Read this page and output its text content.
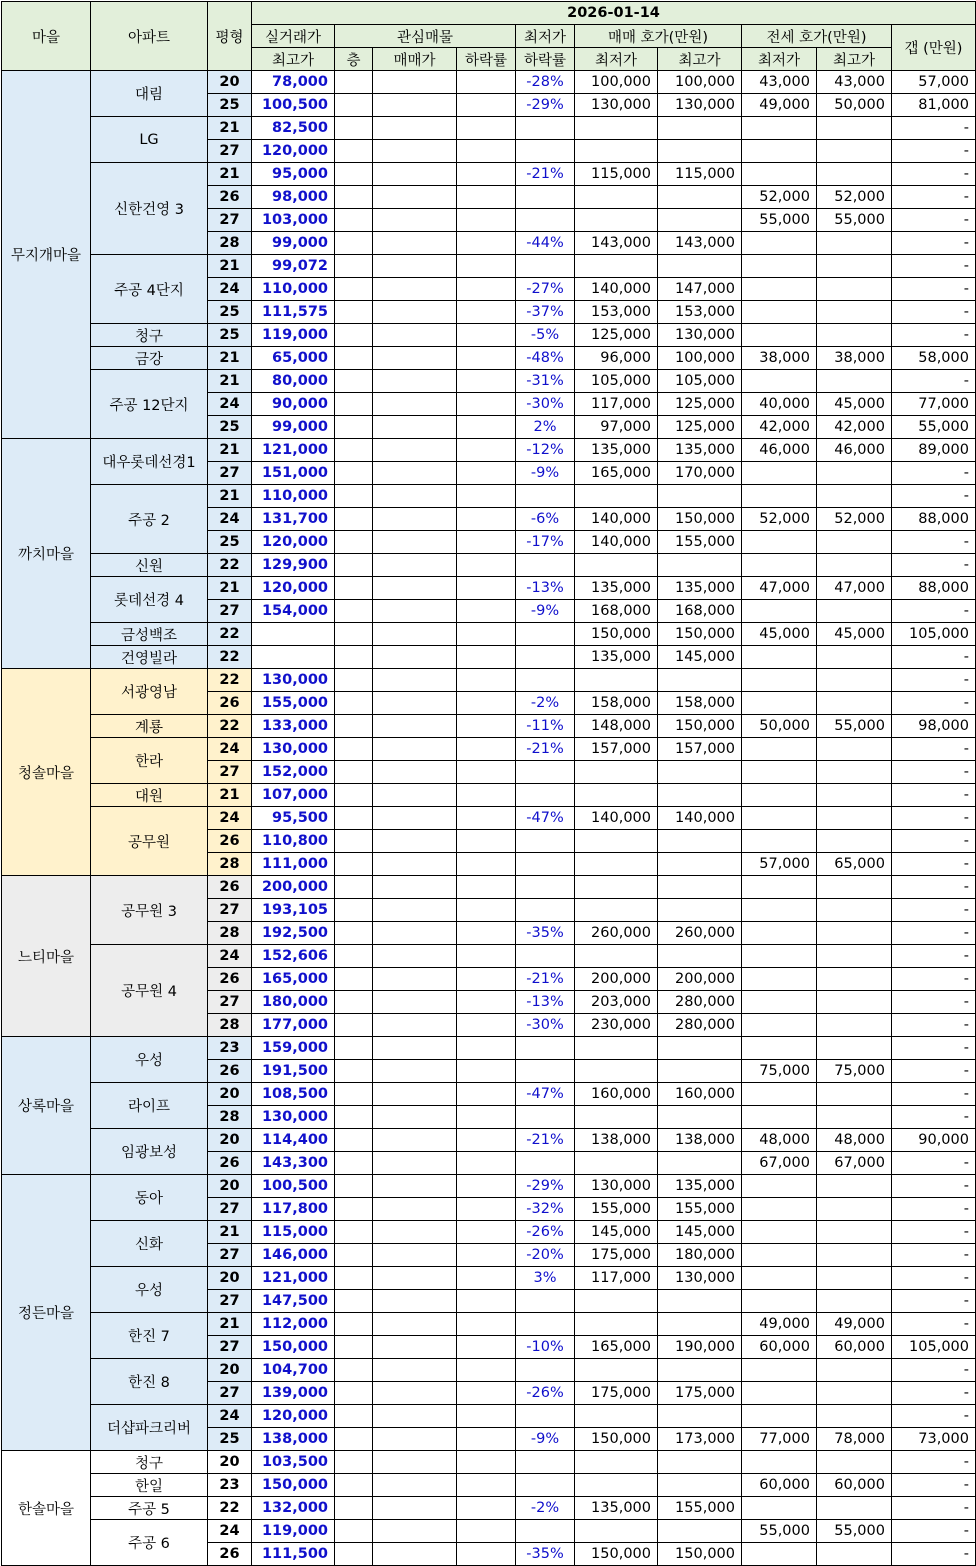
마을	아파트	평형	2026-01-14									
			실거래가	관심매물			최저가	매매 호가(만원)		전세 호가(만원)		갭 (만원)
			최고가	층	매매가	하락률	하락률	최저가	최고가	최저가	최고가	
무지개마을	대림	20	78,000				-28%	100,000	100,000	43,000	43,000	57,000
		25	100,500				-29%	130,000	130,000	49,000	50,000	81,000
	LG	21	82,500									-
		27	120,000									-
	신한건영 3	21	95,000				-21%	115,000	115,000			-
		26	98,000							52,000	52,000	-
		27	103,000							55,000	55,000	-
		28	99,000				-44%	143,000	143,000			-
	주공 4단지	21	99,072									-
		24	110,000				-27%	140,000	147,000			-
		25	111,575				-37%	153,000	153,000			-
	청구	25	119,000				-5%	125,000	130,000			-
	금강	21	65,000				-48%	96,000	100,000	38,000	38,000	58,000
	주공 12단지	21	80,000				-31%	105,000	105,000			-
		24	90,000				-30%	117,000	125,000	40,000	45,000	77,000
		25	99,000				2%	97,000	125,000	42,000	42,000	55,000
까치마을	대우롯데선경1	21	121,000				-12%	135,000	135,000	46,000	46,000	89,000
		27	151,000				-9%	165,000	170,000			-
	주공 2	21	110,000									-
		24	131,700				-6%	140,000	150,000	52,000	52,000	88,000
		25	120,000				-17%	140,000	155,000			-
	신원	22	129,900									-
	롯데선경 4	21	120,000				-13%	135,000	135,000	47,000	47,000	88,000
		27	154,000				-9%	168,000	168,000			-
	금성백조	22						150,000	150,000	45,000	45,000	105,000
	건영빌라	22						135,000	145,000			-
청솔마을	서광영남	22	130,000									-
		26	155,000				-2%	158,000	158,000			-
	계룡	22	133,000				-11%	148,000	150,000	50,000	55,000	98,000
	한라	24	130,000				-21%	157,000	157,000			-
		27	152,000									-
	대원	21	107,000									-
	공무원	24	95,500				-47%	140,000	140,000			-
		26	110,800									-
		28	111,000							57,000	65,000	-
느티마을	공무원 3	26	200,000									-
		27	193,105									-
		28	192,500				-35%	260,000	260,000			-
	공무원 4	24	152,606									-
		26	165,000				-21%	200,000	200,000			-
		27	180,000				-13%	203,000	280,000			-
		28	177,000				-30%	230,000	280,000			-
상록마을	우성	23	159,000									-
		26	191,500							75,000	75,000	-
	라이프	20	108,500				-47%	160,000	160,000			-
		28	130,000									-
	임광보성	20	114,400				-21%	138,000	138,000	48,000	48,000	90,000
		26	143,300							67,000	67,000	-
정든마을	동아	20	100,500				-29%	130,000	135,000			-
		27	117,800				-32%	155,000	155,000			-
	신화	21	115,000				-26%	145,000	145,000			-
		27	146,000				-20%	175,000	180,000			-
	우성	20	121,000				3%	117,000	130,000			-
		27	147,500									-
	한진 7	21	112,000							49,000	49,000	-
		27	150,000				-10%	165,000	190,000	60,000	60,000	105,000
	한진 8	20	104,700									-
		27	139,000				-26%	175,000	175,000			-
	더샵파크리버	24	120,000									-
		25	138,000				-9%	150,000	173,000	77,000	78,000	73,000
한솔마을	청구	20	103,500									-
	한일	23	150,000							60,000	60,000	-
	주공 5	22	132,000				-2%	135,000	155,000			-
	주공 6	24	119,000							55,000	55,000	-
		26	111,500				-35%	150,000	150,000			-
